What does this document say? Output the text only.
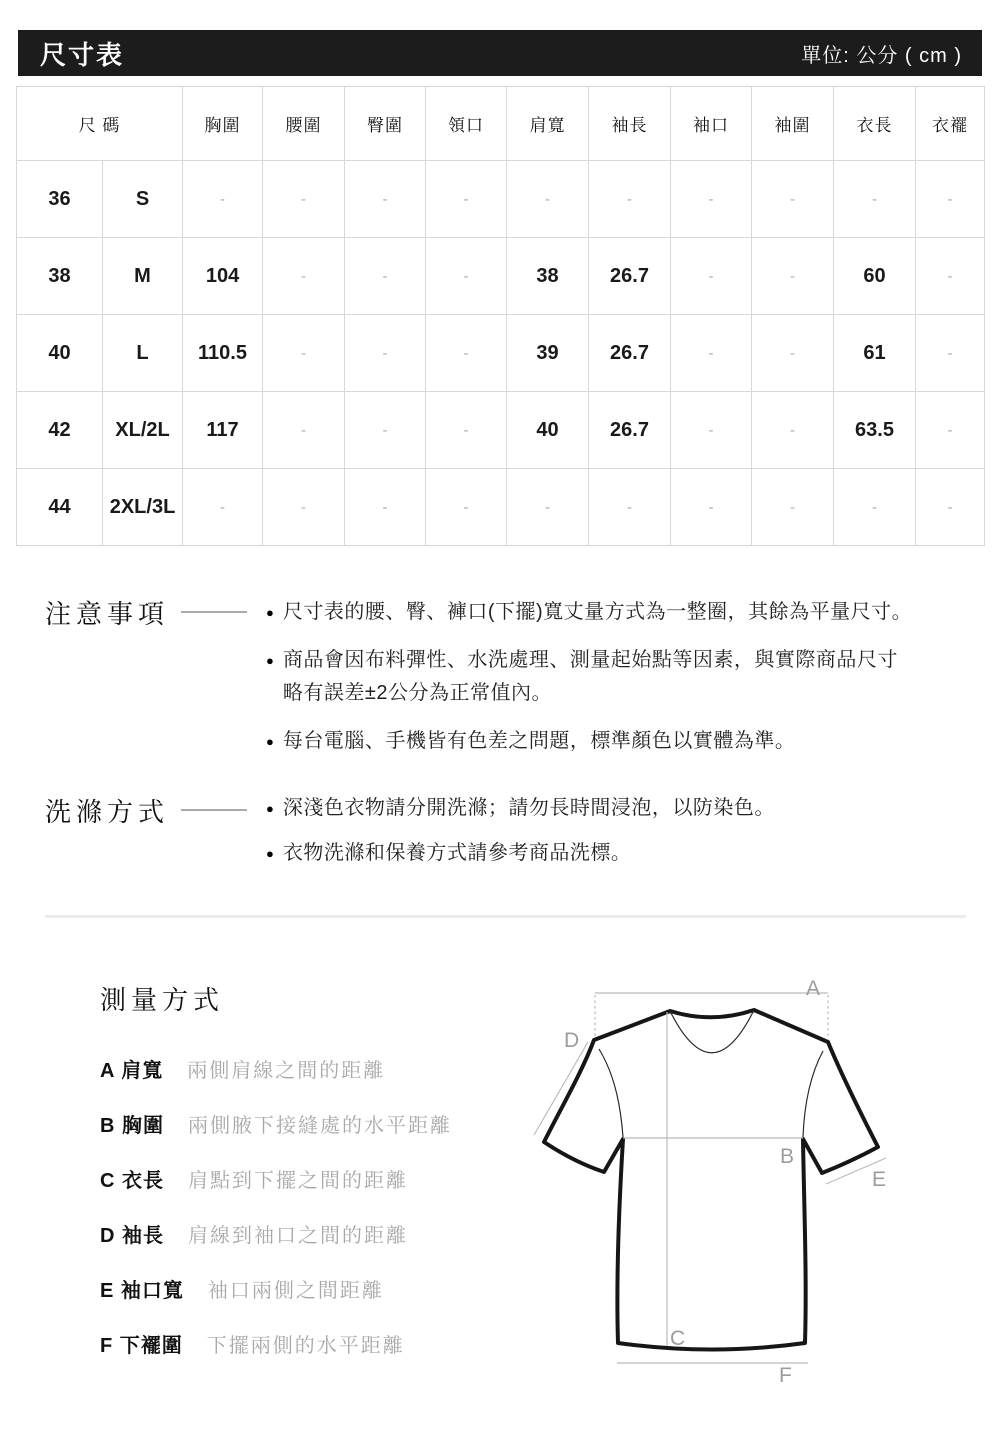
尺寸表	單位: 公分 ( cm )
尺 碼		胸圍	腰圍	臀圍	領口	肩寬	袖長	袖口	袖圍	衣長	衣襬
36	S	-	-	-	-	-	-	-	-	-	-
38	M	104	-	-	-	38	26.7	-	-	60	-
40	L	110.5	-	-	-	39	26.7	-	-	61	-
42	XL/2L	117	-	-	-	40	26.7	-	-	63.5	-
44	2XL/3L	-	-	-	-	-	-	-	-	-	-
注意事項	● 尺寸表的腰、臀、褲口(下擺)寬丈量方式為一整圈，其餘為平量尺寸。
● 商品會因布料彈性、水洗處理、測量起始點等因素，與實際商品尺寸
略有誤差±2公分為正常值內。
● 每台電腦、手機皆有色差之問題，標準顏色以實體為準。
洗滌方式	● 深淺色衣物請分開洗滌；請勿長時間浸泡，以防染色。
● 衣物洗滌和保養方式請參考商品洗標。
測量方式
A 肩寬 兩側肩線之間的距離
B 胸圍 兩側腋下接縫處的水平距離
C 衣長 肩點到下擺之間的距離
D 袖長 肩線到袖口之間的距離
E 袖口寬 袖口兩側之間距離
F 下襬圍 下擺兩側的水平距離
A
B
C
D
E
F
